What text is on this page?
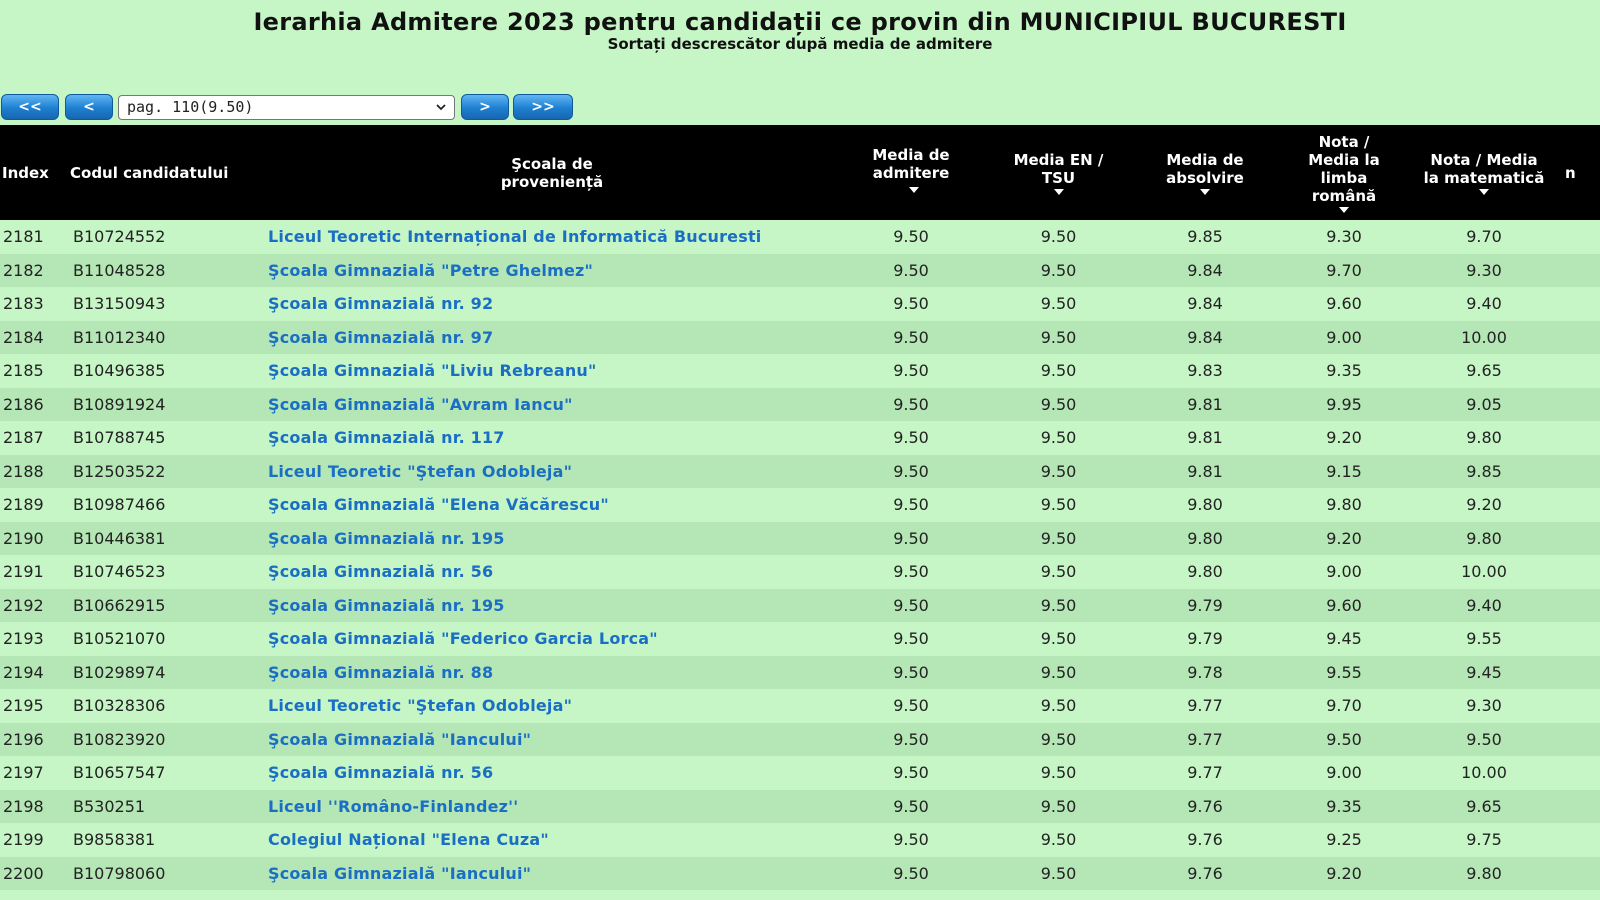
Ierarhia Admitere 2023 pentru candidații ce provin din MUNICIPIUL BUCURESTI
Sortați descrescător după media de admitere
<<	<	pag. 110(9.50)	>	>>
Index	Codul candidatului	Şcoala de proveniență	Media de admitere	Media EN / TSU	Media de absolvire	Nota / Media la limba română	Nota / Media la matematică	n
2181	B10724552	Liceul Teoretic Internațional de Informatică Bucuresti	9.50	9.50	9.85	9.30	9.70	
2182	B11048528	Şcoala Gimnazială "Petre Ghelmez"	9.50	9.50	9.84	9.70	9.30	
2183	B13150943	Şcoala Gimnazială nr. 92	9.50	9.50	9.84	9.60	9.40	
2184	B11012340	Şcoala Gimnazială nr. 97	9.50	9.50	9.84	9.00	10.00	
2185	B10496385	Şcoala Gimnazială "Liviu Rebreanu"	9.50	9.50	9.83	9.35	9.65	
2186	B10891924	Şcoala Gimnazială "Avram Iancu"	9.50	9.50	9.81	9.95	9.05	
2187	B10788745	Şcoala Gimnazială nr. 117	9.50	9.50	9.81	9.20	9.80	
2188	B12503522	Liceul Teoretic "Ştefan Odobleja"	9.50	9.50	9.81	9.15	9.85	
2189	B10987466	Şcoala Gimnazială "Elena Văcărescu"	9.50	9.50	9.80	9.80	9.20	
2190	B10446381	Şcoala Gimnazială nr. 195	9.50	9.50	9.80	9.20	9.80	
2191	B10746523	Şcoala Gimnazială nr. 56	9.50	9.50	9.80	9.00	10.00	
2192	B10662915	Şcoala Gimnazială nr. 195	9.50	9.50	9.79	9.60	9.40	
2193	B10521070	Şcoala Gimnazială "Federico Garcia Lorca"	9.50	9.50	9.79	9.45	9.55	
2194	B10298974	Şcoala Gimnazială nr. 88	9.50	9.50	9.78	9.55	9.45	
2195	B10328306	Liceul Teoretic "Ştefan Odobleja"	9.50	9.50	9.77	9.70	9.30	
2196	B10823920	Şcoala Gimnazială "Iancului"	9.50	9.50	9.77	9.50	9.50	
2197	B10657547	Şcoala Gimnazială nr. 56	9.50	9.50	9.77	9.00	10.00	
2198	B530251	Liceul ''Româno-Finlandez''	9.50	9.50	9.76	9.35	9.65	
2199	B9858381	Colegiul Național "Elena Cuza"	9.50	9.50	9.76	9.25	9.75	
2200	B10798060	Şcoala Gimnazială "Iancului"	9.50	9.50	9.76	9.20	9.80	
